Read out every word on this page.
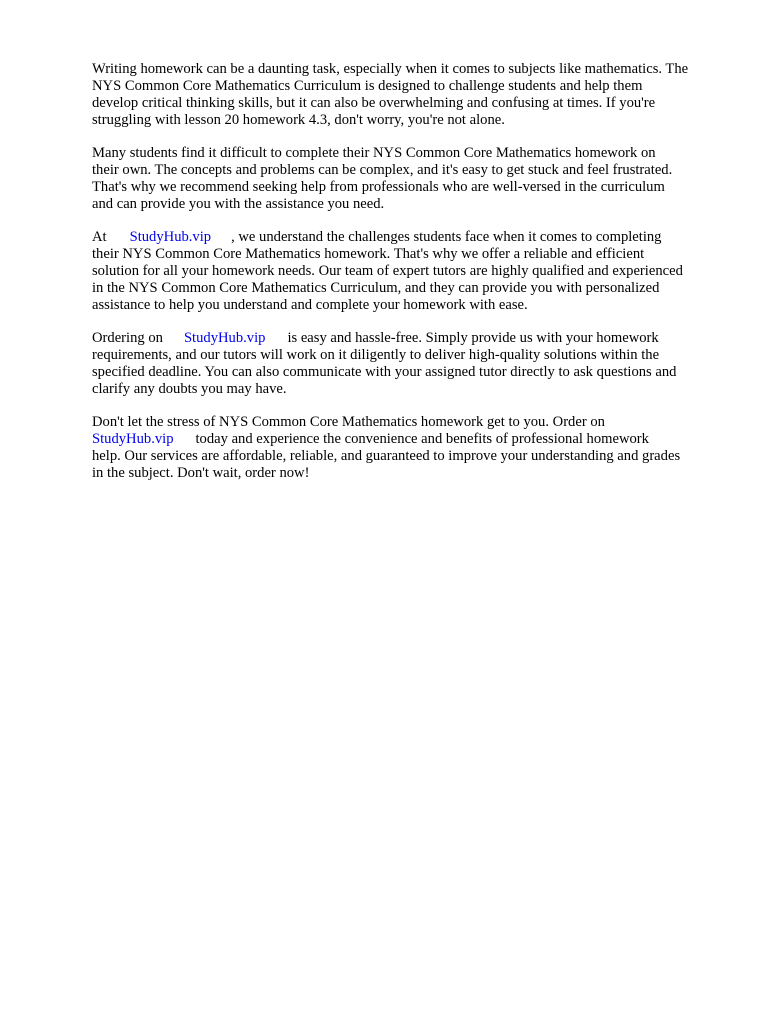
Writing homework can be a daunting task, especially when it comes to subjects like mathematics. The
NYS Common Core Mathematics Curriculum is designed to challenge students and help them
develop critical thinking skills, but it can also be overwhelming and confusing at times. If you're
struggling with lesson 20 homework 4.3, don't worry, you're not alone.

Many students find it difficult to complete their NYS Common Core Mathematics homework on
their own. The concepts and problems can be complex, and it's easy to get stuck and feel frustrated.
That's why we recommend seeking help from professionals who are well-versed in the curriculum
and can provide you with the assistance you need.

At StudyHub.vip , we understand the challenges students face when it comes to completing
their NYS Common Core Mathematics homework. That's why we offer a reliable and efficient
solution for all your homework needs. Our team of expert tutors are highly qualified and experienced
in the NYS Common Core Mathematics Curriculum, and they can provide you with personalized
assistance to help you understand and complete your homework with ease.

Ordering on StudyHub.vip is easy and hassle-free. Simply provide us with your homework
requirements, and our tutors will work on it diligently to deliver high-quality solutions within the
specified deadline. You can also communicate with your assigned tutor directly to ask questions and
clarify any doubts you may have.

Don't let the stress of NYS Common Core Mathematics homework get to you. Order on
StudyHub.vip today and experience the convenience and benefits of professional homework
help. Our services are affordable, reliable, and guaranteed to improve your understanding and grades
in the subject. Don't wait, order now!
